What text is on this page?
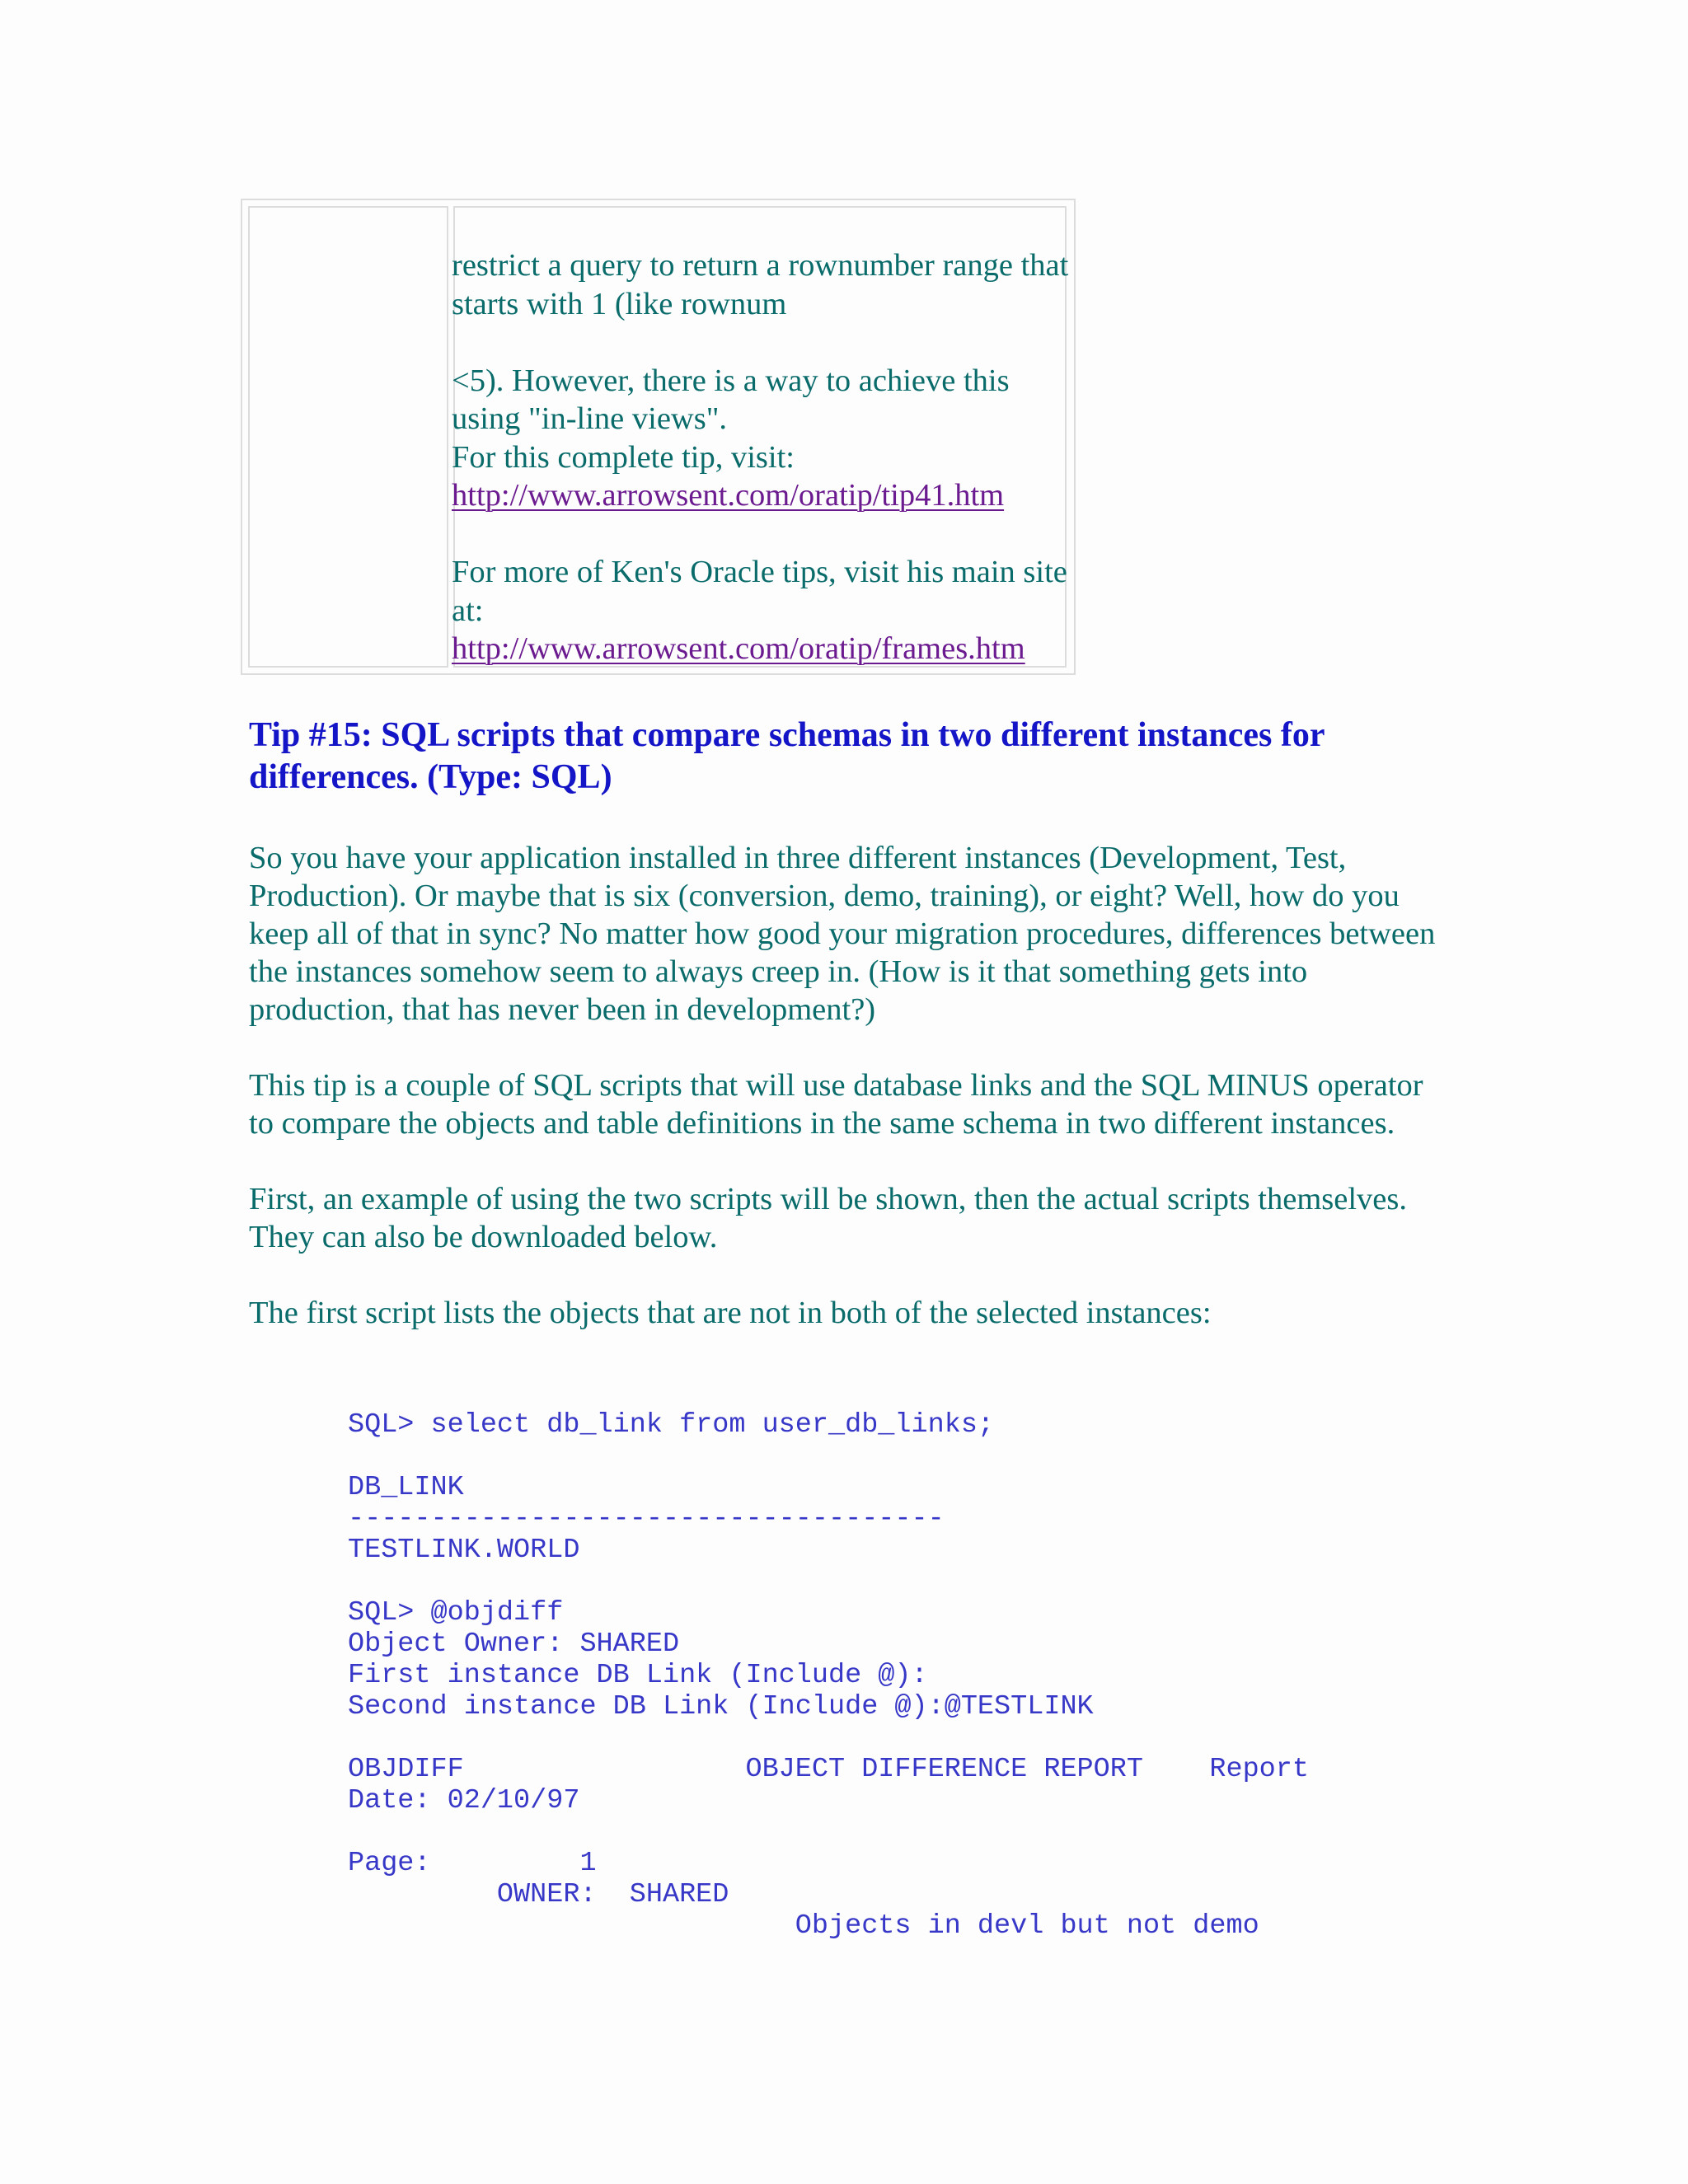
restrict a query to return a rownumber range that starts with 1 (like rownum

<5). However, there is a way to achieve this using "in-line views".

For this complete tip, visit:

http://www.arrowsent.com/oratip/tip41.htm

For more of Ken's Oracle tips, visit his main site at:

http://www.arrowsent.com/oratip/frames.htm

Tip #15: SQL scripts that compare schemas in two different instances for differences. (Type: SQL)

So you have your application installed in three different instances (Development, Test, Production). Or maybe that is six (conversion, demo, training), or eight? Well, how do you keep all of that in sync? No matter how good your migration procedures, differences between the instances somehow seem to always creep in. (How is it that something gets into production, that has never been in development?)

This tip is a couple of SQL scripts that will use database links and the SQL MINUS operator to compare the objects and table definitions in the same schema in two different instances.

First, an example of using the two scripts will be shown, then the actual scripts themselves. They can also be downloaded below.

The first script lists the objects that are not in both of the selected instances:

SQL> select db_link from user_db_links;
DB_LINK
------------------------------------
TESTLINK.WORLD
SQL> @objdiff
Object Owner: SHARED
First instance DB Link (Include @):
Second instance DB Link (Include @):@TESTLINK
OBJDIFF                 OBJECT DIFFERENCE REPORT    Report
Date: 02/10/97
Page:         1
OWNER:  SHARED
Objects in devl but not demo
